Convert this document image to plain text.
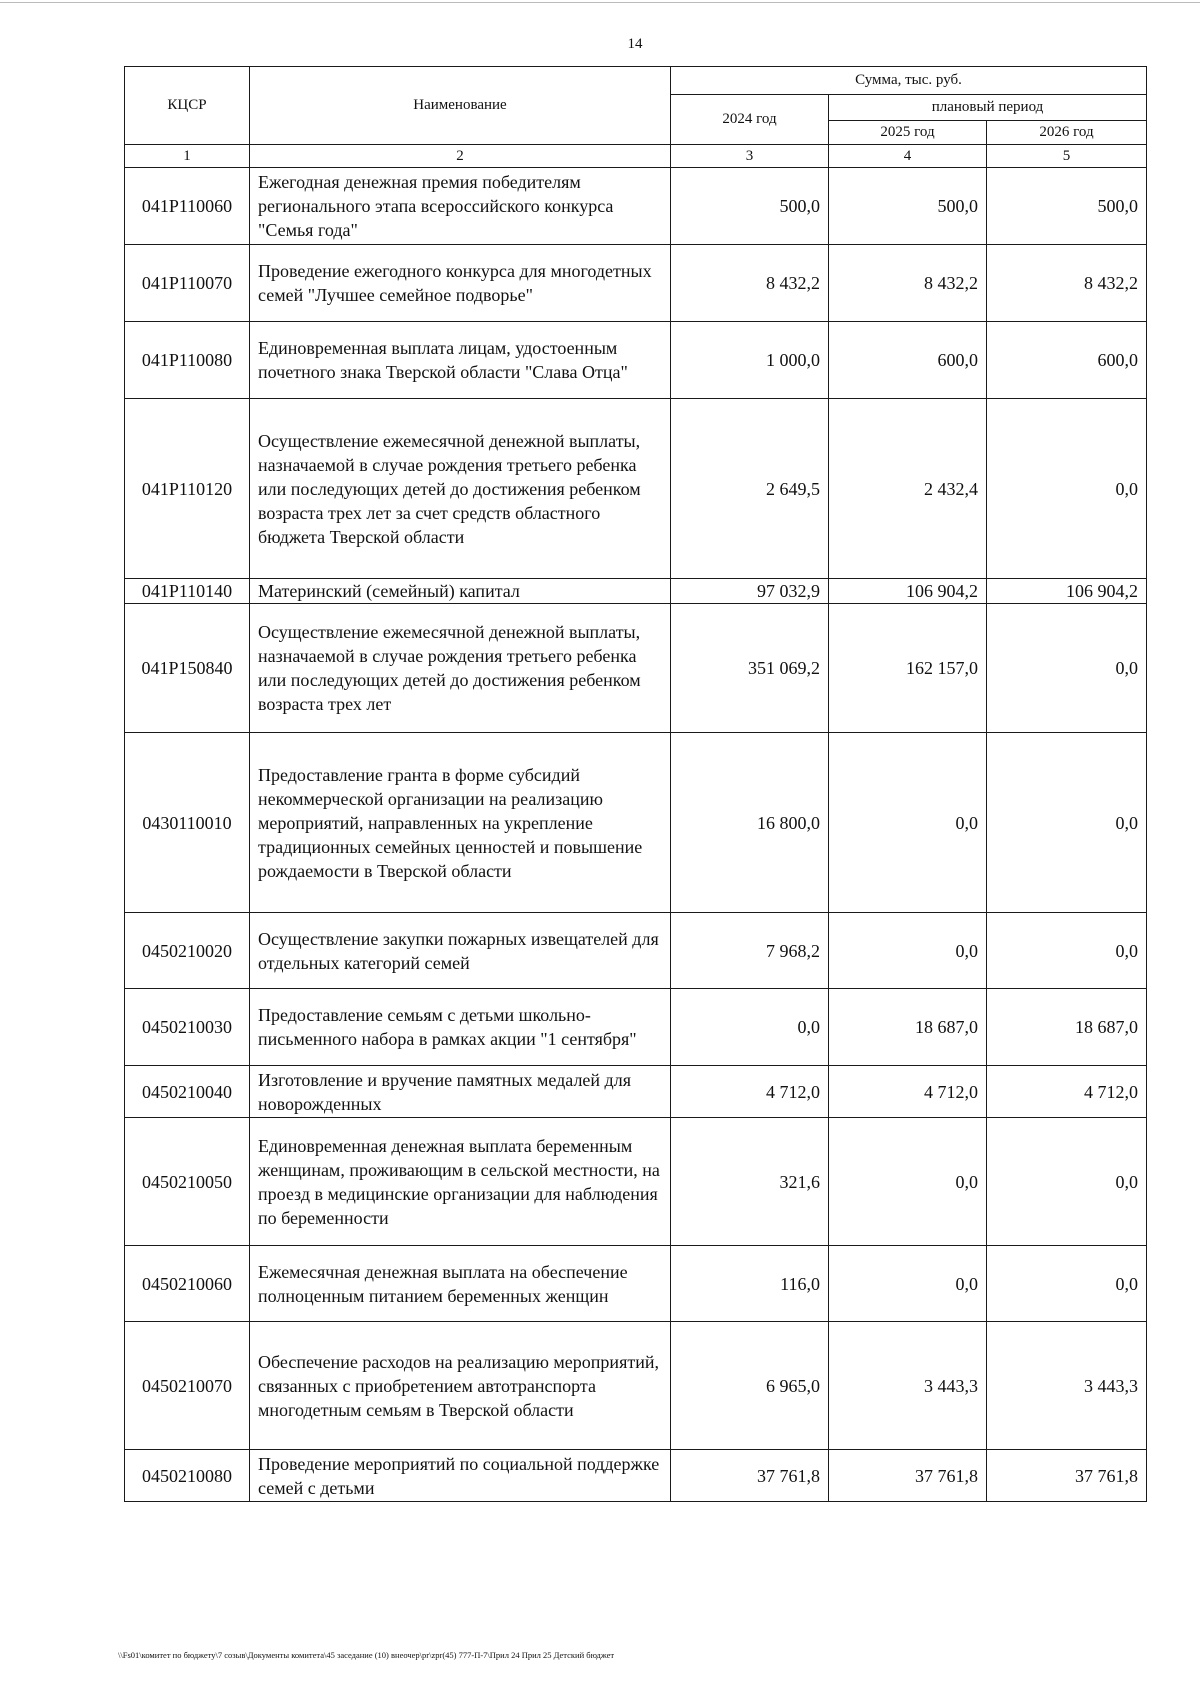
14
КЦСР	Наименование	Сумма, тыс. руб.		
		2024 год	плановый период	
			2025 год	2026 год
1	2	3	4	5
041P110060	Ежегодная денежная премия победителям регионального этапа всероссийского конкурса "Семья года"	500,0	500,0	500,0
041P110070	Проведение ежегодного конкурса для многодетных семей "Лучшее семейное подворье"	8 432,2	8 432,2	8 432,2
041P110080	Единовременная выплата лицам, удостоенным почетного знака Тверской области "Слава Отца"	1 000,0	600,0	600,0
041P110120	Осуществление ежемесячной денежной выплаты, назначаемой в случае рождения третьего ребенка или последующих детей до достижения ребенком возраста трех лет за счет средств областного бюджета Тверской области	2 649,5	2 432,4	0,0
041P110140	Материнский (семейный) капитал	97 032,9	106 904,2	106 904,2
041P150840	Осуществление ежемесячной денежной выплаты, назначаемой в случае рождения третьего ребенка или последующих детей до достижения ребенком возраста трех лет	351 069,2	162 157,0	0,0
0430110010	Предоставление гранта в форме субсидий некоммерческой организации на реализацию мероприятий, направленных на укрепление традиционных семейных ценностей и повышение рождаемости в Тверской области	16 800,0	0,0	0,0
0450210020	Осуществление закупки пожарных извещателей для отдельных категорий семей	7 968,2	0,0	0,0
0450210030	Предоставление семьям с детьми школьно-письменного набора в рамках акции "1 сентября"	0,0	18 687,0	18 687,0
0450210040	Изготовление и вручение памятных медалей для новорожденных	4 712,0	4 712,0	4 712,0
0450210050	Единовременная денежная выплата беременным женщинам, проживающим в сельской местности, на проезд в медицинские организации для наблюдения по беременности	321,6	0,0	0,0
0450210060	Ежемесячная денежная выплата на обеспечение полноценным питанием беременных женщин	116,0	0,0	0,0
0450210070	Обеспечение расходов на реализацию мероприятий, связанных с приобретением автотранспорта многодетным семьям в Тверской области	6 965,0	3 443,3	3 443,3
0450210080	Проведение мероприятий по социальной поддержке семей с детьми	37 761,8	37 761,8	37 761,8
\\Fs01\комитет по бюджету\7 созыв\Документы комитета\45 заседание (10) внеочер\pr\zpr(45) 777-П-7\Прил 24 Прил 25 Детский бюджет
